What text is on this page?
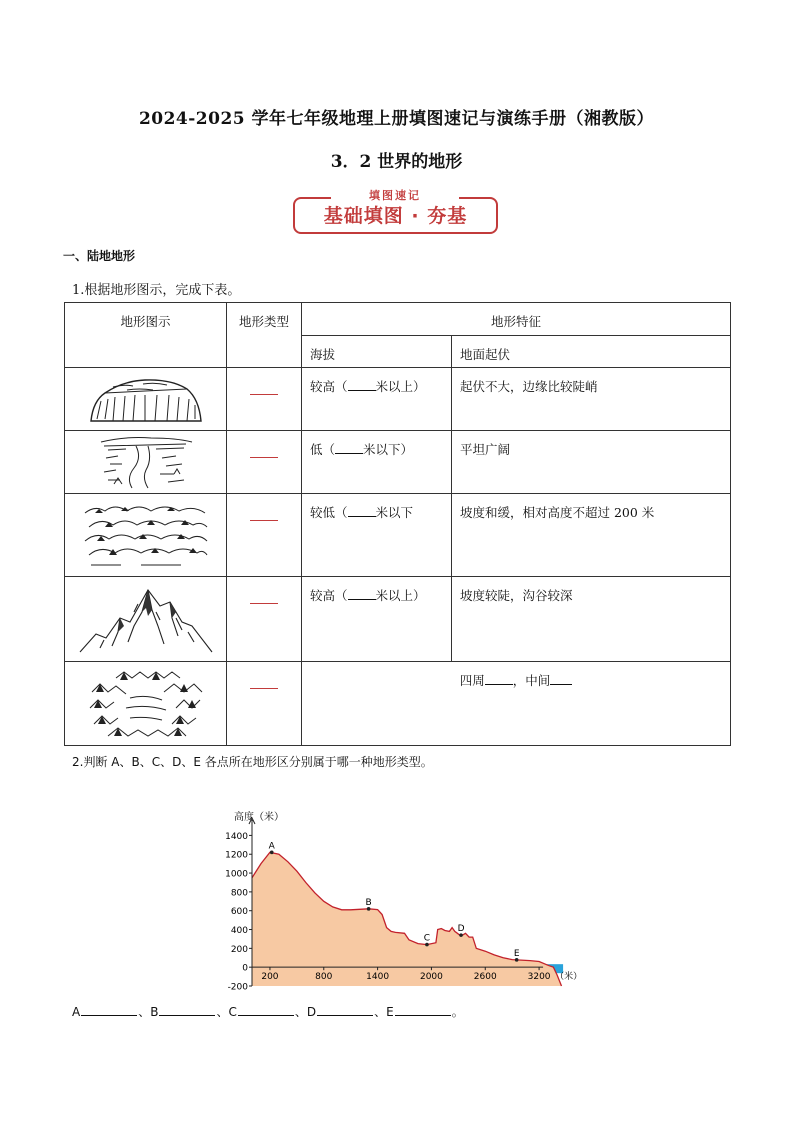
2024-2025 学年七年级地理上册填图速记与演练手册（湘教版）
3．2 世界的地形
填图速记
基础填图 · 夯基
一、陆地地形
1.根据地形图示，完成下表。
地形图示	地形类型	地形特征	
		海拔	地面起伏

		较高（ 米以上）	起伏不大，边缘比较陡峭

		低（ 米以下）	平坦广阔

		较低（ 米以下	坡度和缓，相对高度不超过 200 米

		较高（ 米以上）	坡度较陡，沟谷较深

		四周 ，中间	
2.判断 A、B、C、D、E 各点所在地形区分别属于哪一种地形类型。
高度（米）
1400
1200
1000
800
600
400
200
0
-200
200	800	1400	2000	2600	3200 （米）
A
B
C
D
E
A	、B	、C	、D	、E	。
